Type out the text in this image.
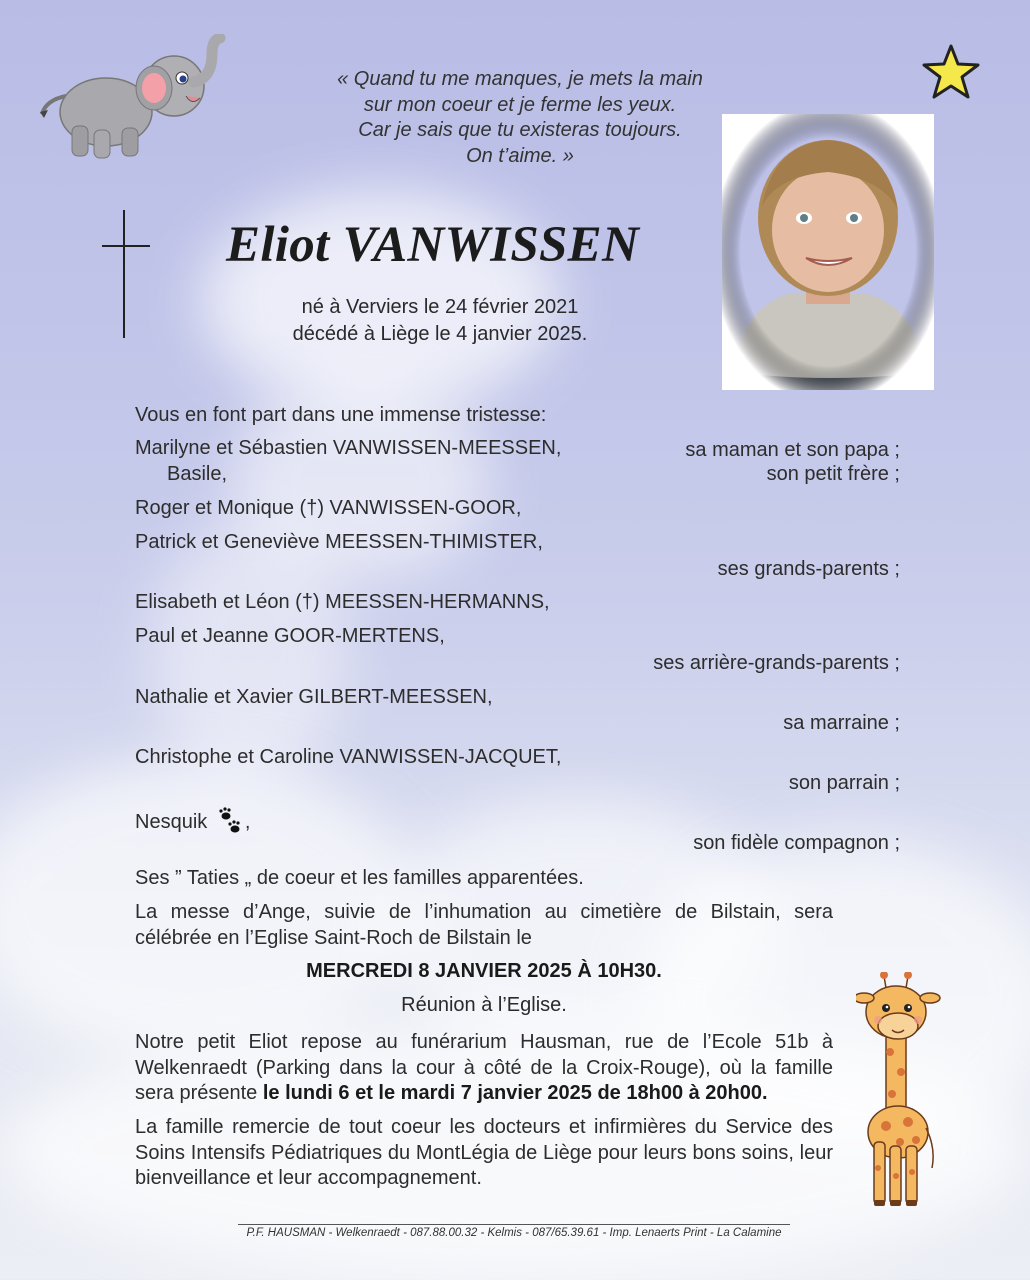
« Quand tu me manques, je mets la main
sur mon coeur et je ferme les yeux.
Car je sais que tu existeras toujours.
On t’aime. »
Eliot VANWISSEN
né à Verviers le 24 février 2021
décédé à Liège le 4 janvier 2025.
Vous en font part dans une immense tristesse:
Marilyne et Sébastien VANWISSEN-MEESSEN,	sa maman et son papa ;
Basile,	son petit frère ;
Roger et Monique (†) VANWISSEN-GOOR,
Patrick et Geneviève MEESSEN-THIMISTER,
ses grands-parents ;
Elisabeth et Léon (†) MEESSEN-HERMANNS,
Paul et Jeanne GOOR-MERTENS,
ses arrière-grands-parents ;
Nathalie et Xavier GILBERT-MEESSEN,
sa marraine ;
Christophe et Caroline VANWISSEN-JACQUET,
son parrain ;
Nesquik ,
son fidèle compagnon ;
Ses ” Taties „ de coeur et les familles apparentées.

La messe d’Ange, suivie de l’inhumation au cimetière de Bilstain, sera célébrée en l’Eglise Saint-Roch de Bilstain le

MERCREDI 8 JANVIER 2025 À 10H30.
Réunion à l’Eglise.

Notre petit Eliot repose au funérarium Hausman, rue de l’Ecole 51b à Welkenraedt (Parking dans la cour à côté de la Croix-Rouge), où la famille sera présente le lundi 6 et le mardi 7 janvier 2025 de 18h00 à 20h00.

La famille remercie de tout coeur les docteurs et infirmières du Service des Soins Intensifs Pédiatriques du MontLégia de Liège pour leurs bons soins, leur bienveillance et leur accompagnement.

P.F. HAUSMAN - Welkenraedt - 087.88.00.32 - Kelmis - 087/65.39.61 - Imp. Lenaerts Print - La Calamine
